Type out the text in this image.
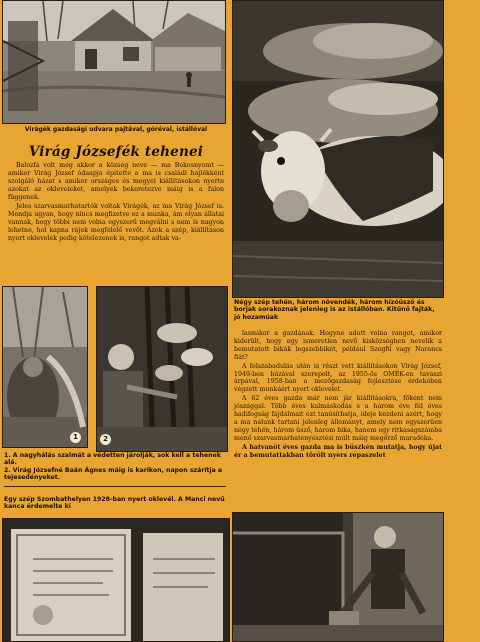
Virágék gazdasági udvara pajtával, góréval, istállóval
Virág Józsefék tehenei

Balozfa volt még akkor a község neve — ma Bokosnyomt — amikor Virág József ódaapja építette a ma is családi hajlékként szolgáló házat s amikor országos és megyei kiállításokon nyerte azokat az okleveleket, amelyek bekeretezve máig is a falon függenek.

Jeles szarvasmarhatartók voltak Virágék, az ma Virág József is. Mondja ugyan, hogy nincs megfizetve ez a munka, ám olyan állatai vannak, hogy többi nem volna egyszerű megválni s nem is nagyon lehetne, hol kapna rájuk megfelelő vevőt. Azok a szép, kiállításon nyert oklevelek pedig kötelezenek is, rangot adtak va-

Négy szép tehén, három növendék, három hízóüsző és borjak sorakoznak jelenleg is az istállóban. Kitűnő fajták, jó hozamúak
1	2
1. A nagyhálás szalmát a védetten járolják, sok kell a tehenek alá.
2. Virág Józsefné Baán Ágnes máig is karikon, napon szárítja a tejesedényeket.
Egy szép Szombathelyen 1928-ban nyert oklevél. A Manci nevű kanca érdemelte ki

lasmikor a gazdának. Hogyne adott volna rangot, amikor kiderült, hogy egy ismeretlen nevű kisközségben nevelik a bemutatott bikák legszebbikét, például Szegfű vagy Narancs fiát?

A felszabadulás után is részt vett kiállításokon Virág József, 1949-ben húzával szerepelt, az 1955-ös OMÉK-en tavaszi árpával, 1958-ban a mezőgazdaság fejlesztése érdekében végzett munkáért nyert oklevelet.

A 62 éves gazda már nem jár kiállításokra, főként nem jószággal. Több éves kalmáskodás s a három éve fél éves hadifogság fájdalmait ezt tanúsíthatja, ideje kezdeni azért, hogy a ma nálunk tartani jelenleg állományt, amely nem egyszerűen négy tehén, három üsző, három bika, hanem egy ritkaságszámba menő szarvasmarhatenyésztési múlt máig megőrző maradéka.

A hatvanöt éves gazda ma is büszkén mutatja, hogy újat ér a bemutattakban tőrölt nyers répaszelet
